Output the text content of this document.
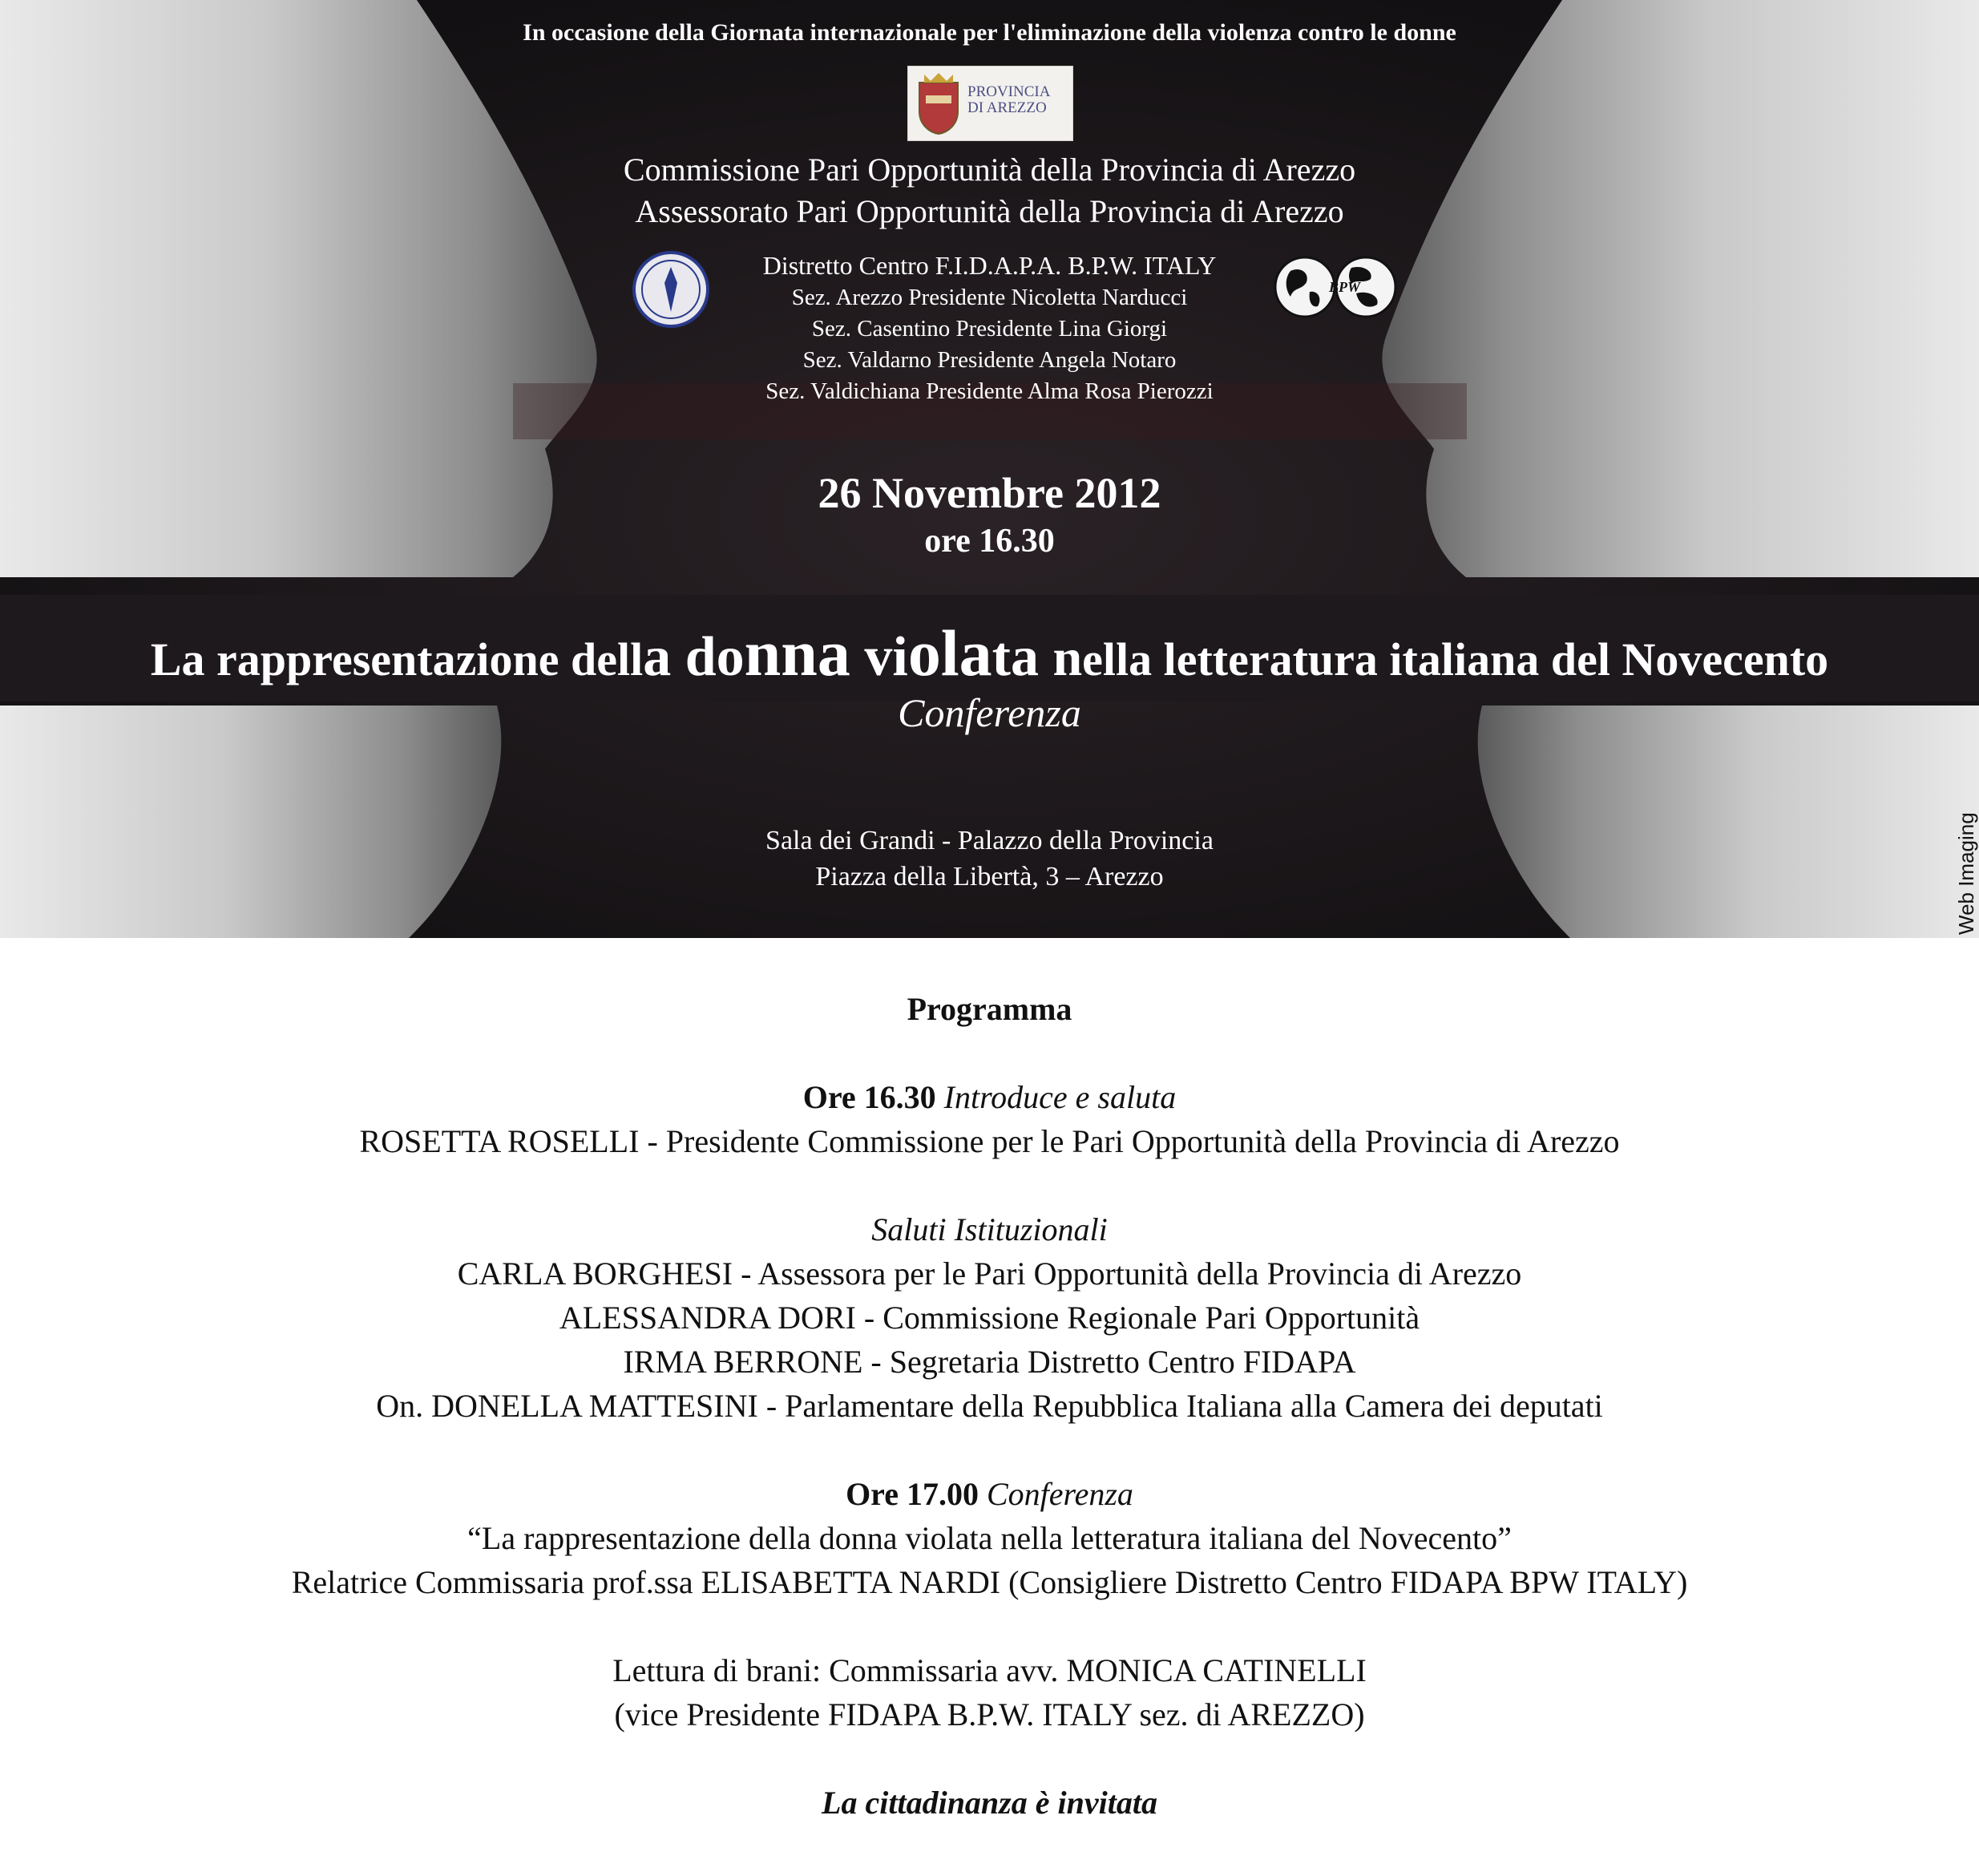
In occasione della Giornata internazionale per l'eliminazione della violenza contro le donne
PROVINCIA DI AREZZO
Commissione Pari Opportunità della Provincia di Arezzo
Assessorato Pari Opportunità della Provincia di Arezzo
Distretto Centro F.I.D.A.P.A. B.P.W. ITALY
Sez. Arezzo Presidente Nicoletta Narducci
Sez. Casentino Presidente Lina Giorgi
Sez. Valdarno Presidente Angela Notaro
Sez. Valdichiana Presidente Alma Rosa Pierozzi
BPW
26 Novembre 2012
ore 16.30
La rappresentazione della donna violata nella letteratura italiana del Novecento
Conferenza
Sala dei Grandi - Palazzo della Provincia
Piazza della Libertà, 3 – Arezzo	Web Imaging
Programma
Ore 16.30 Introduce e saluta
ROSETTA ROSELLI - Presidente Commissione per le Pari Opportunità della Provincia di Arezzo
Saluti Istituzionali
CARLA BORGHESI - Assessora per le Pari Opportunità della Provincia di Arezzo
ALESSANDRA DORI - Commissione Regionale Pari Opportunità
IRMA BERRONE - Segretaria Distretto Centro FIDAPA
On. DONELLA MATTESINI - Parlamentare della Repubblica Italiana alla Camera dei deputati
Ore 17.00 Conferenza
“La rappresentazione della donna violata nella letteratura italiana del Novecento”
Relatrice Commissaria prof.ssa ELISABETTA NARDI (Consigliere Distretto Centro FIDAPA BPW ITALY)
Lettura di brani: Commissaria avv. MONICA CATINELLI
(vice Presidente FIDAPA B.P.W. ITALY sez. di AREZZO)
La cittadinanza è invitata
